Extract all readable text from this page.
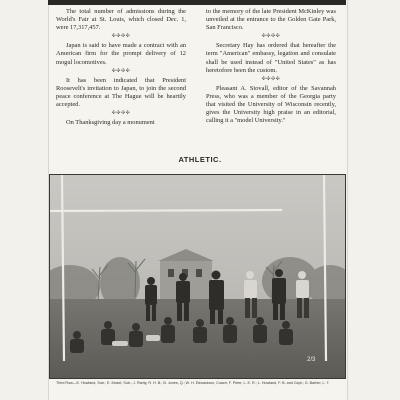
The total number of admissions during the World's Fair at St. Louis, which closed Dec. 1, were 17,317,457.

✣✣✣✣

Japan is said to have made a contract with an American firm for the prompt delivery of 12 mogul locomotives.

✣✣✣✣

It has been indicated that President Roosevelt's invitation to Japan, to join the second peace conference at The Hague will be heartily accepted.

✣✣✣✣

On Thanksgiving day a monument

to the memory of the late President McKinley was unveiled at the entrance to the Golden Gate Park, San Francisco.

✣✣✣✣

Secretary Hay has ordered that hereafter the term "American" embassy, legation and consulate shall be used instead of "United States" as has heretofore been the custom.

✣✣✣✣

Pleasant A. Stovall, editor of the Savannah Press, who was a member of the Georgia party that visited the University of Wisconsin recently, gives the University high praise in an editorial, calling it a "model University."

ATHLETIC.
2/3
Third Row—E. Howland, Sub.; E. Mosel, Sub.; J. Rarity, R. H. B.; B. Jones, Q.; W. H. Edwardson, Coach; F. Peter, L. E. R.; L. Howland, F. B. and Capt.; G. Barber, L. T.
